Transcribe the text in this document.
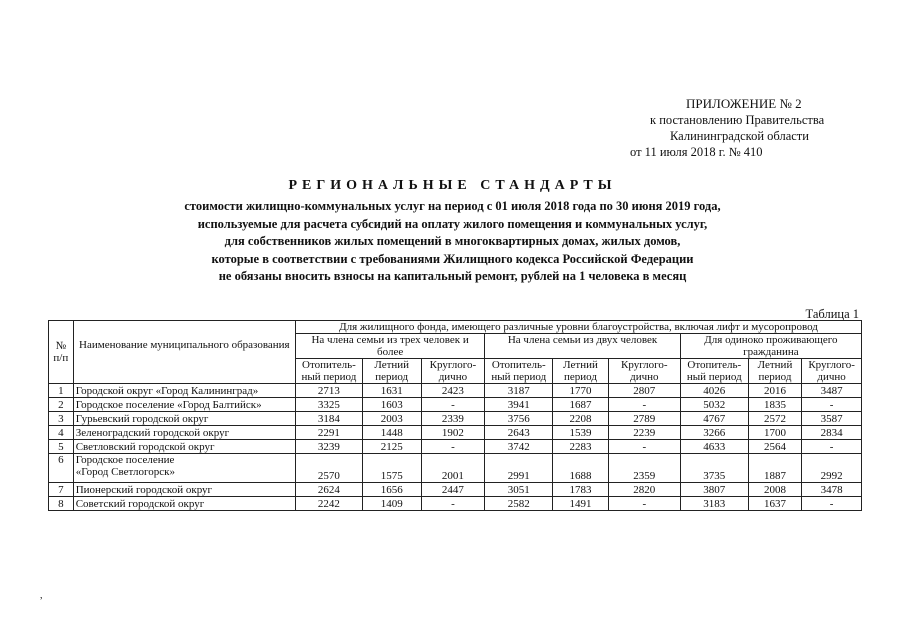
ПРИЛОЖЕНИЕ № 2
к постановлению Правительства
Калининградской области
от 11 июля 2018 г. № 410
РЕГИОНАЛЬНЫЕ СТАНДАРТЫ
стоимости жилищно-коммунальных услуг на период с 01 июля 2018 года по 30 июня 2019 года,
используемые для расчета субсидий на оплату жилого помещения и коммунальных услуг,
для собственников жилых помещений в многоквартирных домах, жилых домов,
которые в соответствии с требованиями Жилищного кодекса Российской Федерации
не обязаны вносить взносы на капитальный ремонт, рублей на 1 человека в месяц
Таблица 1
№ п/п	Наименование муниципального образования	Для жилищного фонда, имеющего различные уровни благоустройства, включая лифт и мусоропровод								
		На члена семьи из трех человек и более			На члена семьи из двух человек			Для одиноко проживающего гражданина		
		Отопитель-ный период	Летний период	Круглого-дично	Отопитель-ный период	Летний период	Круглого-дично	Отопитель-ный период	Летний период	Круглого-дично
1	Городской округ «Город Калининград»	2713	1631	2423	3187	1770	2807	4026	2016	3487
2	Городское поселение «Город Балтийск»	3325	1603	-	3941	1687	-	5032	1835	-
3	Гурьевский городской округ	3184	2003	2339	3756	2208	2789	4767	2572	3587
4	Зеленоградский городской округ	2291	1448	1902	2643	1539	2239	3266	1700	2834
5	Светловский городской округ	3239	2125	-	3742	2283	-	4633	2564	-
6	Городское поселение
«Город Светлогорск»	2570	1575	2001	2991	1688	2359	3735	1887	2992
7	Пионерский городской округ	2624	1656	2447	3051	1783	2820	3807	2008	3478
8	Советский городской округ	2242	1409	-	2582	1491	-	3183	1637	-
,
